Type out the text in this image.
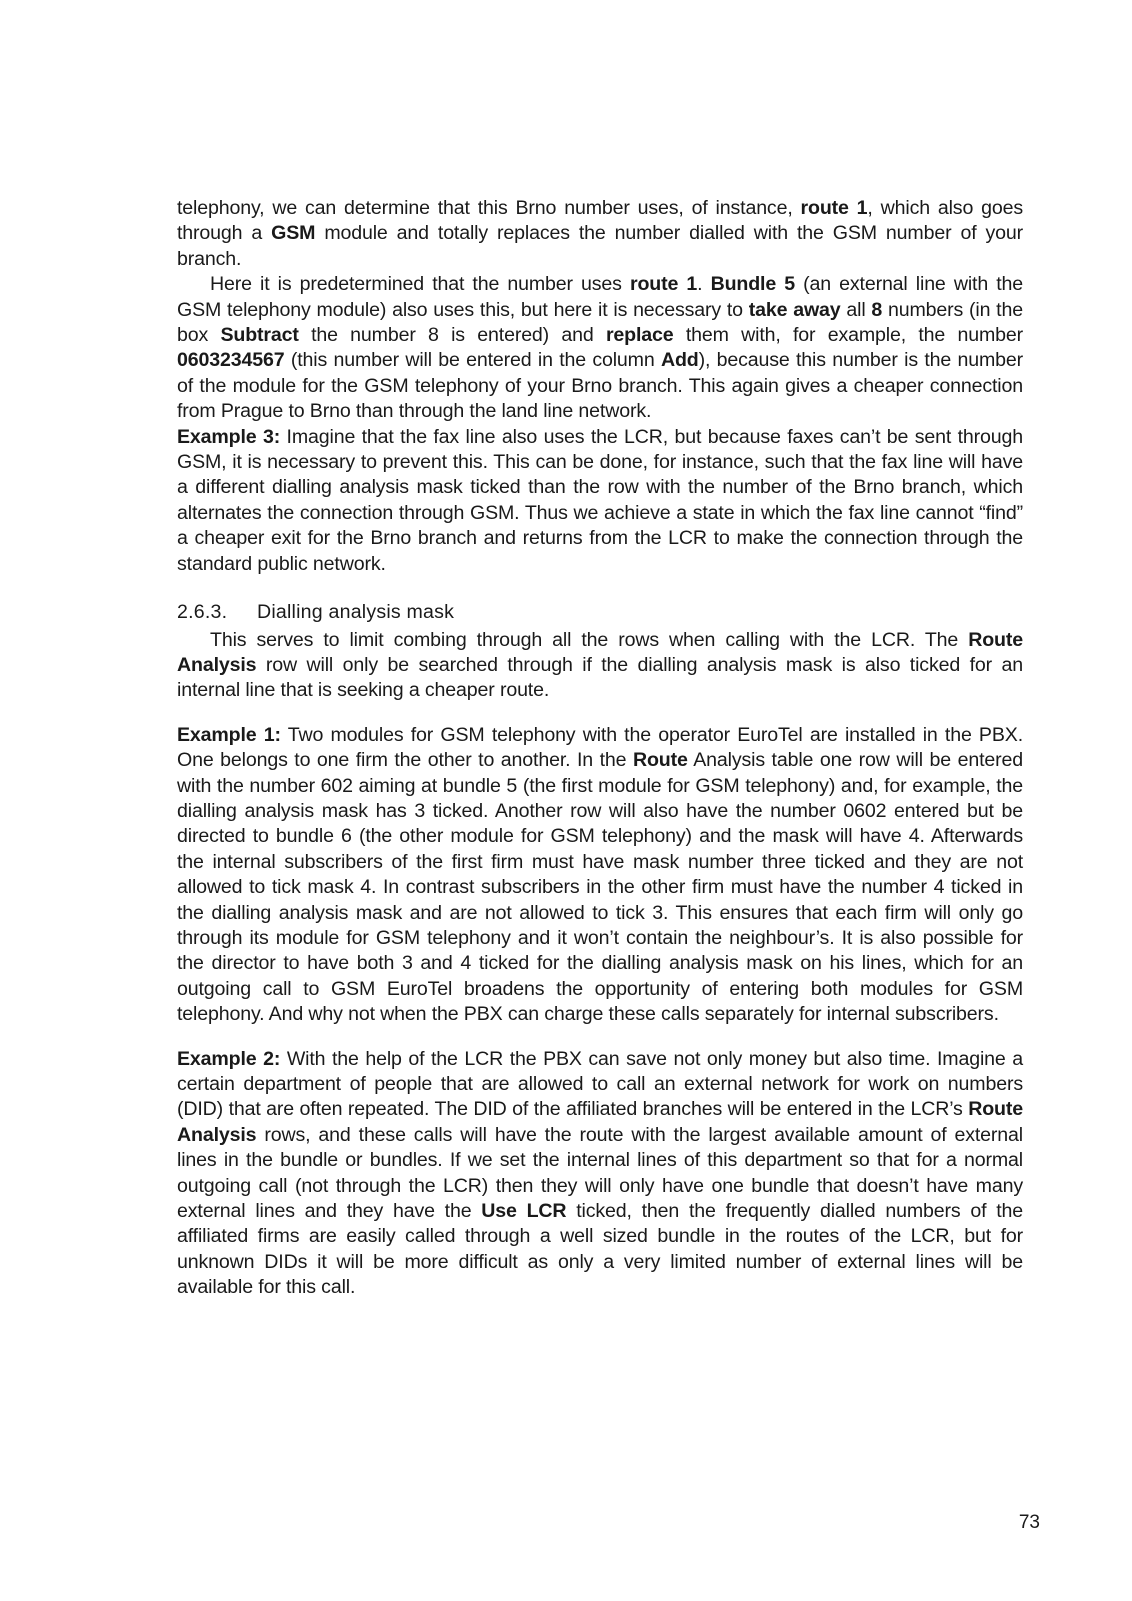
telephony, we can determine that this Brno number uses, of instance, route 1, which also goes through a GSM module and totally replaces the number dialled with the GSM number of your branch.

Here it is predetermined that the number uses route 1. Bundle 5 (an external line with the GSM telephony module) also uses this, but here it is necessary to take away all 8 numbers (in the box Subtract the number 8 is entered) and replace them with, for example, the number 0603234567 (this number will be entered in the column Add), because this number is the number of the module for the GSM telephony of your Brno branch. This again gives a cheaper connection from Prague to Brno than through the land line network.

Example 3: Imagine that the fax line also uses the LCR, but because faxes can’t be sent through GSM, it is necessary to prevent this. This can be done, for instance, such that the fax line will have a different dialling analysis mask ticked than the row with the number of the Brno branch, which alternates the connection through GSM. Thus we achieve a state in which the fax line cannot “find” a cheaper exit for the Brno branch and returns from the LCR to make the connection through the standard public network.

2.6.3. Dialling analysis mask

This serves to limit combing through all the rows when calling with the LCR. The Route Analysis row will only be searched through if the dialling analysis mask is also ticked for an internal line that is seeking a cheaper route.

Example 1: Two modules for GSM telephony with the operator EuroTel are installed in the PBX. One belongs to one firm the other to another. In the Route Analysis table one row will be entered with the number 602 aiming at bundle 5 (the first module for GSM telephony) and, for example, the dialling analysis mask has 3 ticked. Another row will also have the number 0602 entered but be directed to bundle 6 (the other module for GSM telephony) and the mask will have 4. Afterwards the internal subscribers of the first firm must have mask number three ticked and they are not allowed to tick mask 4. In contrast subscribers in the other firm must have the number 4 ticked in the dialling analysis mask and are not allowed to tick 3. This ensures that each firm will only go through its module for GSM telephony and it won’t contain the neighbour’s. It is also possible for the director to have both 3 and 4 ticked for the dialling analysis mask on his lines, which for an outgoing call to GSM EuroTel broadens the opportunity of entering both modules for GSM telephony. And why not when the PBX can charge these calls separately for internal subscribers.

Example 2: With the help of the LCR the PBX can save not only money but also time. Imagine a certain department of people that are allowed to call an external network for work on numbers (DID) that are often repeated. The DID of the affiliated branches will be entered in the LCR’s Route Analysis rows, and these calls will have the route with the largest available amount of external lines in the bundle or bundles. If we set the internal lines of this department so that for a normal outgoing call (not through the LCR) then they will only have one bundle that doesn’t have many external lines and they have the Use LCR ticked, then the frequently dialled numbers of the affiliated firms are easily called through a well sized bundle in the routes of the LCR, but for unknown DIDs it will be more difficult as only a very limited number of external lines will be available for this call.

73
